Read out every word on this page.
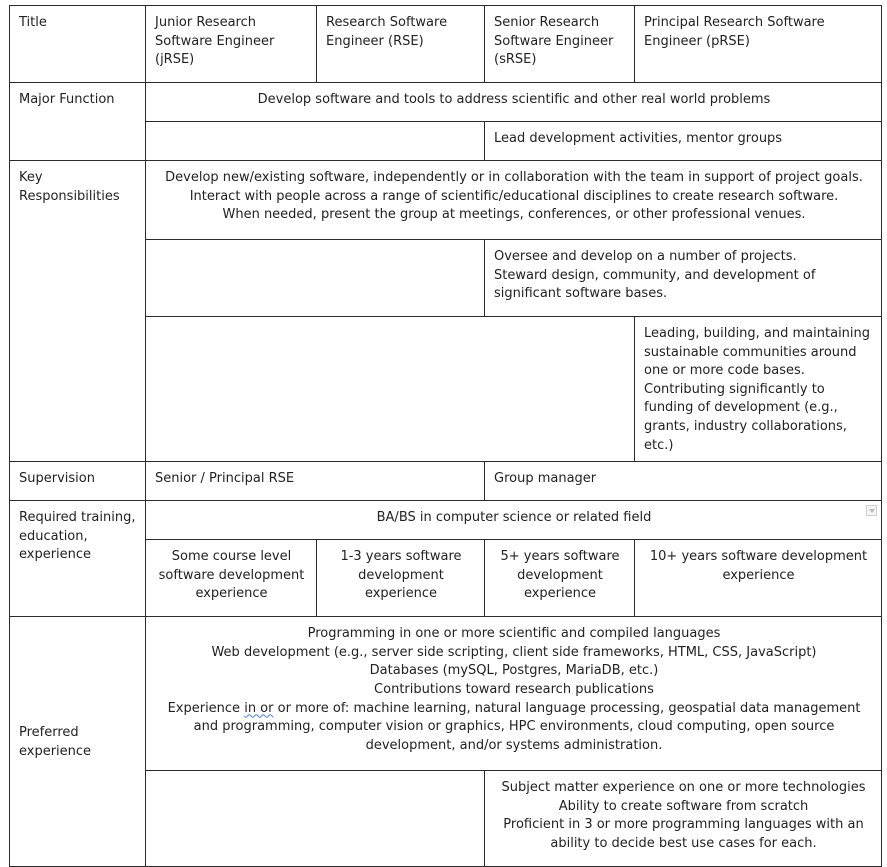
Title	Junior Research Software Engineer (jRSE)	Research Software Engineer (RSE)	Senior Research Software Engineer (sRSE)	Principal Research Software Engineer (pRSE)
Major Function	Develop software and tools to address scientific and other real world problems			
			Lead development activities, mentor groups	
Key Responsibilities	Develop new/existing software, independently or in collaboration with the team in support of project goals.
Interact with people across a range of scientific/educational disciplines to create research software.
When needed, present the group at meetings, conferences, or other professional venues.			

			Oversee and develop on a number of projects.
Steward design, community, and development of significant software bases.	

				Leading, building, and maintaining sustainable communities around one or more code bases.
Contributing significantly to funding of development (e.g., grants, industry collaborations, etc.)

Supervision	Senior / Principal RSE		Group manager	
Required training, education, experience	BA/BS in computer science or related field			

	Some course level software development experience	1-3 years software development experience	5+ years software development experience	10+ years software development experience
Preferred experience	Programming in one or more scientific and compiled languages
Web development (e.g., server side scripting, client side frameworks, HTML, CSS, JavaScript)
Databases (mySQL, Postgres, MariaDB, etc.)
Contributions toward research publications
Experience in or or more of: machine learning, natural language processing, geospatial data management and programming, computer vision or graphics, HPC environments, cloud computing, open source development, and/or systems administration.			

			Subject matter experience on one or more technologies
Ability to create software from scratch
Proficient in 3 or more programming languages with an ability to decide best use cases for each.	
